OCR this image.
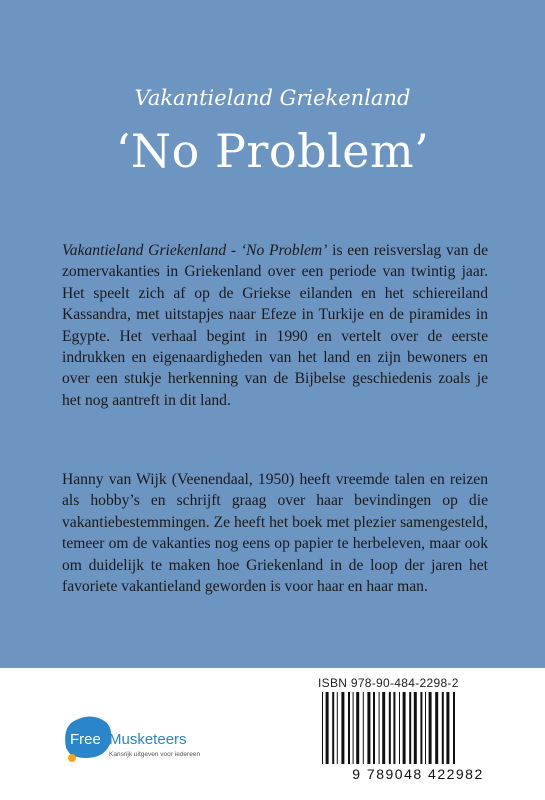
Vakantieland Griekenland
‘No Problem’

Vakantieland Griekenland - ‘No Problem’ is een reisverslag van de zomervakanties in Griekenland over een periode van twintig jaar. Het speelt zich af op de Griekse eilanden en het schiereiland Kassandra, met uitstapjes naar Efeze in Turkije en de piramides in Egypte. Het verhaal begint in 1990 en vertelt over de eerste indrukken en eigenaardigheden van het land en zijn bewoners en over een stukje herkenning van de Bijbelse geschiedenis zoals je het nog aantreft in dit land.

Hanny van Wijk (Veenendaal, 1950) heeft vreemde talen en reizen als hobby’s en schrijft graag over haar bevindingen op die vakantiebestemmingen. Ze heeft het boek met plezier samengesteld, temeer om de vakanties nog eens op papier te herbeleven, maar ook om duidelijk te maken hoe Griekenland in de loop der jaren het favoriete vakantieland geworden is voor haar en haar man.

Free Musketeers
Kansrijk uitgeven voor iedereen
ISBN 978-90-484-2298-2
9 789048 422982
